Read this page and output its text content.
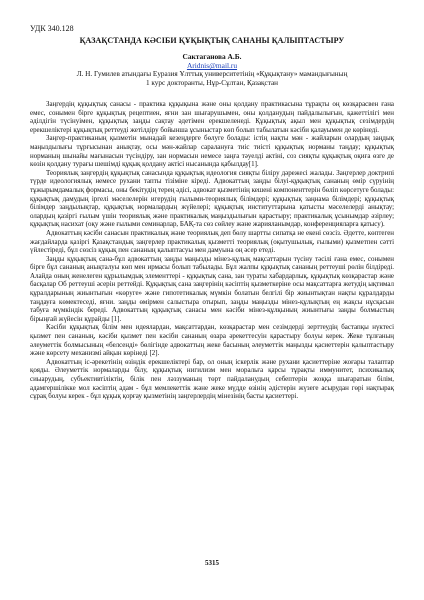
УДК 340.128

ҚАЗАҚСТАНДА КӘСІБИ ҚҰҚЫҚТЫҚ САНАНЫ ҚАЛЫПТАСТЫРУ

Сактаганова А.Б.

Aridnis@mail.ru

Л. Н. Гумилев атындағы Еуразия Ұлттық университетінің «Құқықтану» мамандығының

1 курс докторанты, Нұр-Сұлтан, Қазақстан

Заңгердің құқықтық санасы - практика құқықына және оны қолдану практикасына тұрақты оң көзқарасвен ғана емес, сонымен бірге құқықтық рецептиен, яғни зан шығарушымен, оны қолданудың пайдалылығын, қажеттілігі мен әділдігін түсінуімен, құқықтық заңды сақтау әдетімен ерекшеленеді. Құқықтық ақыл мен құқықтық сезімдердің ерекшеліктері құқықтық реттеуді жетілдіру бойынша ұсыныстар көп болып табылатын кәсіби қалауымен де көрінеді.

Заңгер-практиканың қызметін мынадай кезеңдерге бөлуге болады: істің нақты мән - жайларын олардың заңдық маңыздылығы тұрғысынан анықтау, осы мән-жайлар саралануға тиіс тиісті құқықтық норманы таңдау; құқықтық норманың шынайы мағынасын түсіндіру, зан нормасын немесе заңға тәуелді актіні, соз сияқты құқықтық оқиға өзге де көзін қолдану турағы шешімді құқық қолдану актісі нысанында қабылдау[1].

Теориялық заңгердің құқықтық санасында құқықтық идеология сияқты біліру дәрежесі жалады. Заңгерлер доктрипі түрде идеологиялық немесе рухани тапты тізіміне кіреді. Адвокаттың заңды білуі-құқықтық сананың өмір сүруінің тұжырымдамалық формасы, оны бекітудің терең әдісі, адвокат қызметінің кешені компоненттерін бөліп көрсетуге болады: құқықтық дамудың іргелі мәселелерін игерудің ғылыми-теориялық білімдері; құқықтық заңнама білімдері; құқықтық білімдер заңдылықтар, құқықтық нормалардың жүйелері; құқықтық институттарына қатысты мәселелерді анықтау; олардың қазіргі ғылым үшін теориялық және практикалық маңыздылығын қарастыру; практикалық ұсынымдар әзірлеу; құқықтық насихат (оқу және ғылыми семинарлар, БАҚ-та сөз сөйлеу және жарияланымдар, конференцияларға қатысу).

Адвокаттың кәсіби санасын практикалық және теориялық деп бөлу шартты сипатқа не екені сөзсіз. Әдетте, көптеген жағдайларда қазіргі Қазақстандық заңгерлер практикалық қызметті теориялық (оқытушылық, ғылыми) қызметпен сәтті үйлестіреді, бұл сөзсіз құқық пен сананың қалыптасуы мен дамуына оң әсер етеді.

Заңды құқықтық сана-бұл адвокаттың заңды маңызды мінез-құлық мақсаттарын түсіну тәсілі ғана емес, сонымен бірге бұл сананың анықталуы көп мен ирмасы болып табылады. Бұл жалпы құқықтық сананың реттеуші рөлін білдіреді. Алайда оның женелеген құрылымдық элементтері - құқықтық сана, зан тураты хабардарлық, құқықтық көзқарастар және басқалар Об реттеуші әсерін реттейді. Құқықтық сана заңгерінің кәсіптің қызметкеріне осы мақсаттарға жетудің ықтимал құралдарының жиынтығын «көруге» және гипотетикалық мүмкін болатын белгілі бір жиынтықтан нақты құралдарды таңдауға көмектеседі, яғни. заңды өмірмен салыстыра отырып, заңды маңызды мінез-құлықтың ең жақсы нұсқасын табуға мүмкіндік береді. Адвокаттың құқықтық санасы мен кәсіби мінез-құлқының жиынтығы заңды болмыстың бірыңғай жүйесін құрайды [1].

Кәсіби құқықтық білім мен идеялардан, мақсаттардан, көзқарастар мен сезімдерді зерттеудің бастапқы нүктесі қызмет пен сананың, кәсіби қызмет пен кәсіби сананың өзара әрекеттесуін қарастыру болуы керек. Жеке тұлғаның әлеуметтік болмысының «белсенді» бөлігінде адвокаттың жеке басының әлеуметтік маңызды қасиеттерін қалыптастыру және көрсету механизмі айқын көрінеді [2].

Адвокаттың іс-әрекетінің өзіндік ерекшеліктері бар, ол оның іскерлік және рухани қасиеттеріне жоғары талаптар қояды. Әлеуметтік нормаларды білу, құқықтық нигилизм мен моральға қарсы тұрақты иммунитет, психикалық сиыарудың, субъективтіліктің, білік пен ләззуманың төрт пайдаланудың себептерін жоққа шығаратын білім, адамгершілікке мол кәсіптің адам - бұл мемлекеттік және жеке мүдде өзінің әдістерін жүзеге асырудан гөрі нақтырақ сұрақ болуы керек - бұл құқық қорғау қызметінің заңгерлердің мінезінің басты қасиеттері.

5315
